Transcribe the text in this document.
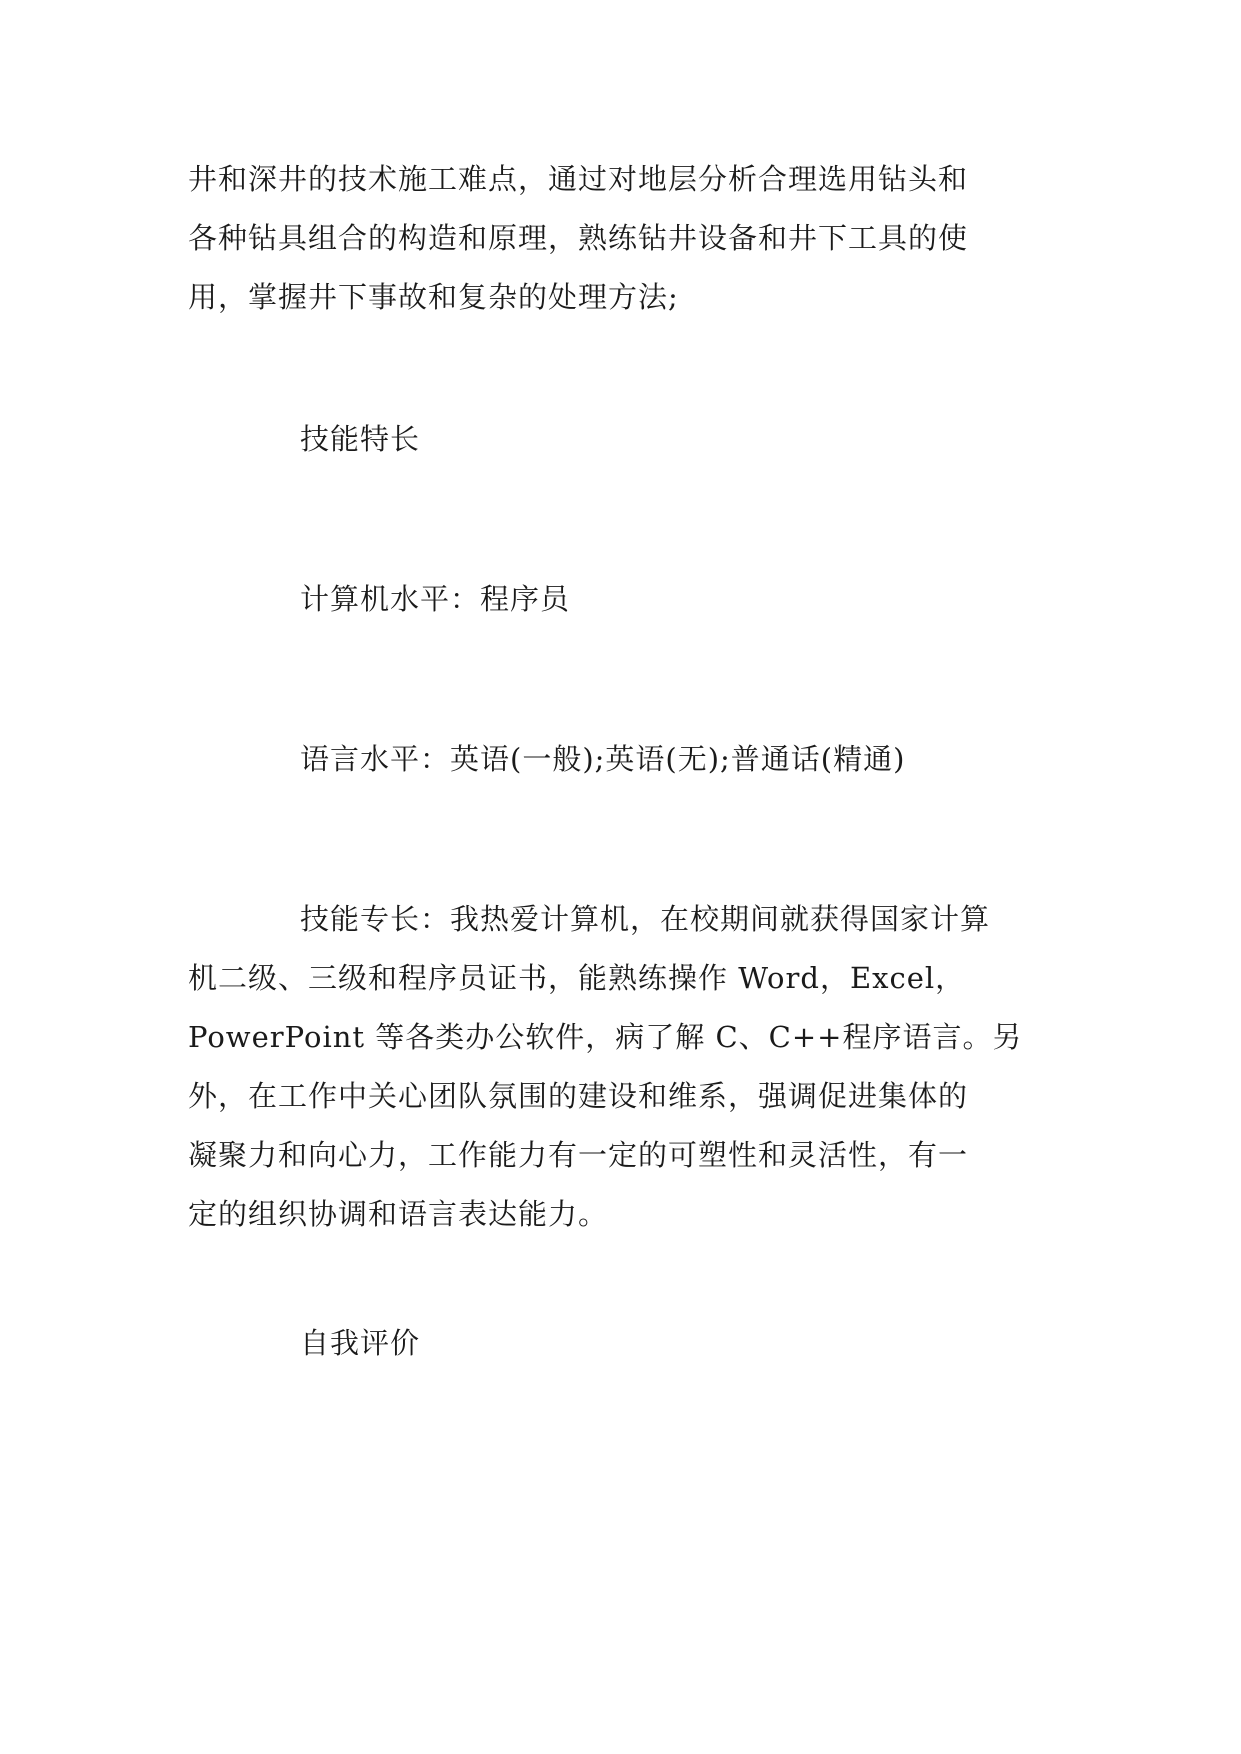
井和深井的技术施工难点，通过对地层分析合理选用钻头和
各种钻具组合的构造和原理，熟练钻井设备和井下工具的使
用，掌握井下事故和复杂的处理方法;
技能特长
计算机水平：程序员
语言水平：英语(一般);英语(无);普通话(精通)
技能专长：我热爱计算机，在校期间就获得国家计算
机二级、三级和程序员证书，能熟练操作 Word，Excel，
PowerPoint 等各类办公软件，病了解 C、C++程序语言。另
外，在工作中关心团队氛围的建设和维系，强调促进集体的
凝聚力和向心力，工作能力有一定的可塑性和灵活性，有一
定的组织协调和语言表达能力。
自我评价
